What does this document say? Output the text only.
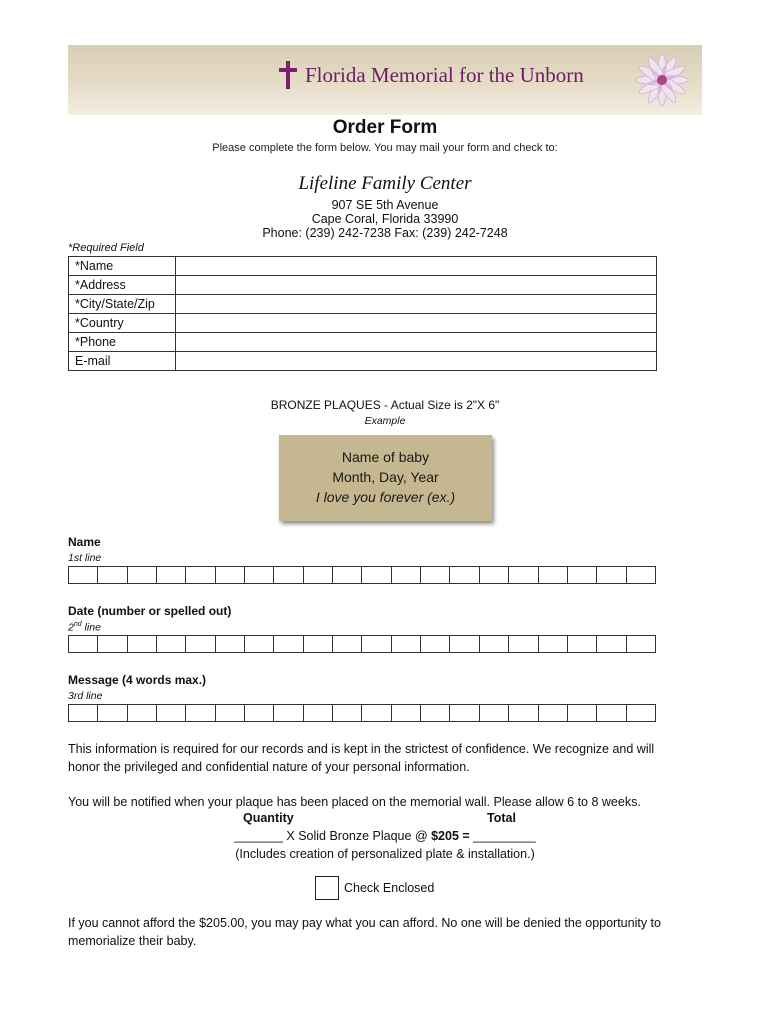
Florida Memorial for the Unborn
Order Form
Please complete the form below. You may mail your form and check to:
Lifeline Family Center
907 SE 5th Avenue
Cape Coral, Florida 33990
Phone: (239) 242-7238 Fax: (239) 242-7248
*Required Field
*Name	
*Address	
*City/State/Zip	
*Country	
*Phone	
E-mail	
BRONZE PLAQUES - Actual Size is 2"X 6"
Example
Name of baby
Month, Day, Year
I love you forever (ex.)
Name
1st line
Date (number or spelled out)
2nd line
Message (4 words max.)
3rd line
This information is required for our records and is kept in the strictest of confidence. We recognize and will honor the privileged and confidential nature of your personal information.
You will be notified when your plaque has been placed on the memorial wall. Please allow 6 to 8 weeks.
Quantity	Total
_______ X Solid Bronze Plaque @ $205 = _________
(Includes creation of personalized plate & installation.)
Check Enclosed
If you cannot afford the $205.00, you may pay what you can afford. No one will be denied the opportunity to memorialize their baby.
